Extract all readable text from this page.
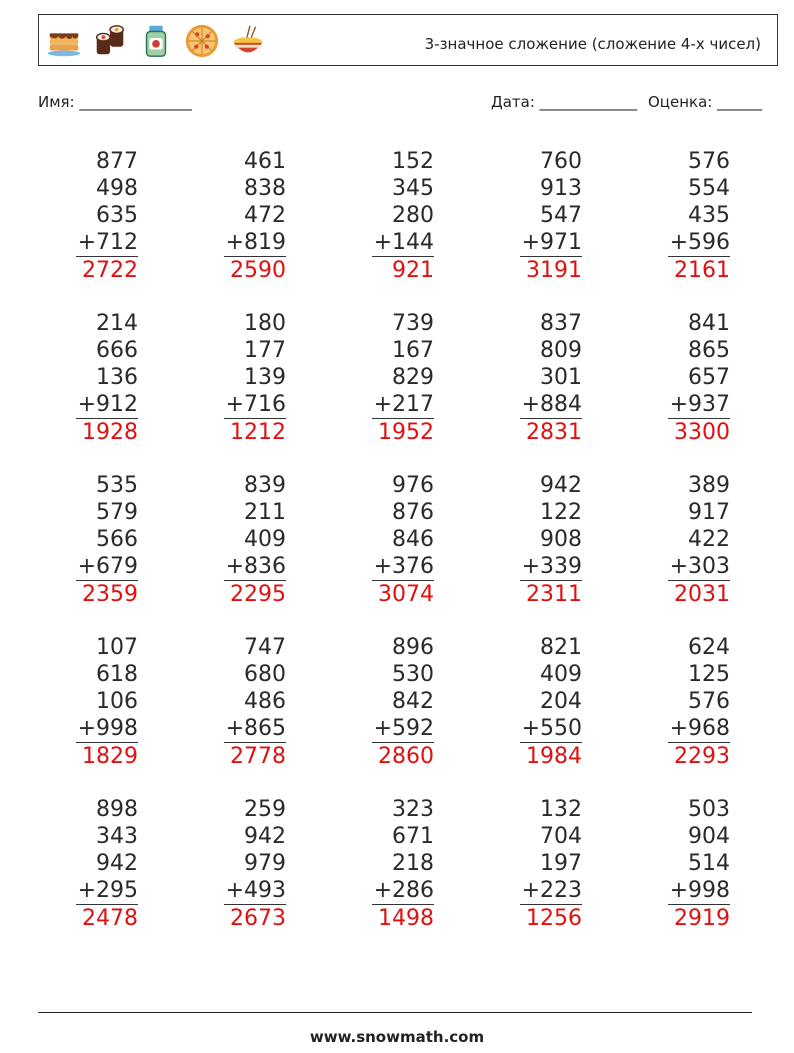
3-значное сложение (сложение 4-х чисел)
Имя: _______________	Дата: _____________ Оценка: ______
877
498
635
+712
2722
461
838
472
+819
2590
152
345
280
+144
921
760
913
547
+971
3191
576
554
435
+596
2161
214
666
136
+912
1928
180
177
139
+716
1212
739
167
829
+217
1952
837
809
301
+884
2831
841
865
657
+937
3300
535
579
566
+679
2359
839
211
409
+836
2295
976
876
846
+376
3074
942
122
908
+339
2311
389
917
422
+303
2031
107
618
106
+998
1829
747
680
486
+865
2778
896
530
842
+592
2860
821
409
204
+550
1984
624
125
576
+968
2293
898
343
942
+295
2478
259
942
979
+493
2673
323
671
218
+286
1498
132
704
197
+223
1256
503
904
514
+998
2919
www.snowmath.com
